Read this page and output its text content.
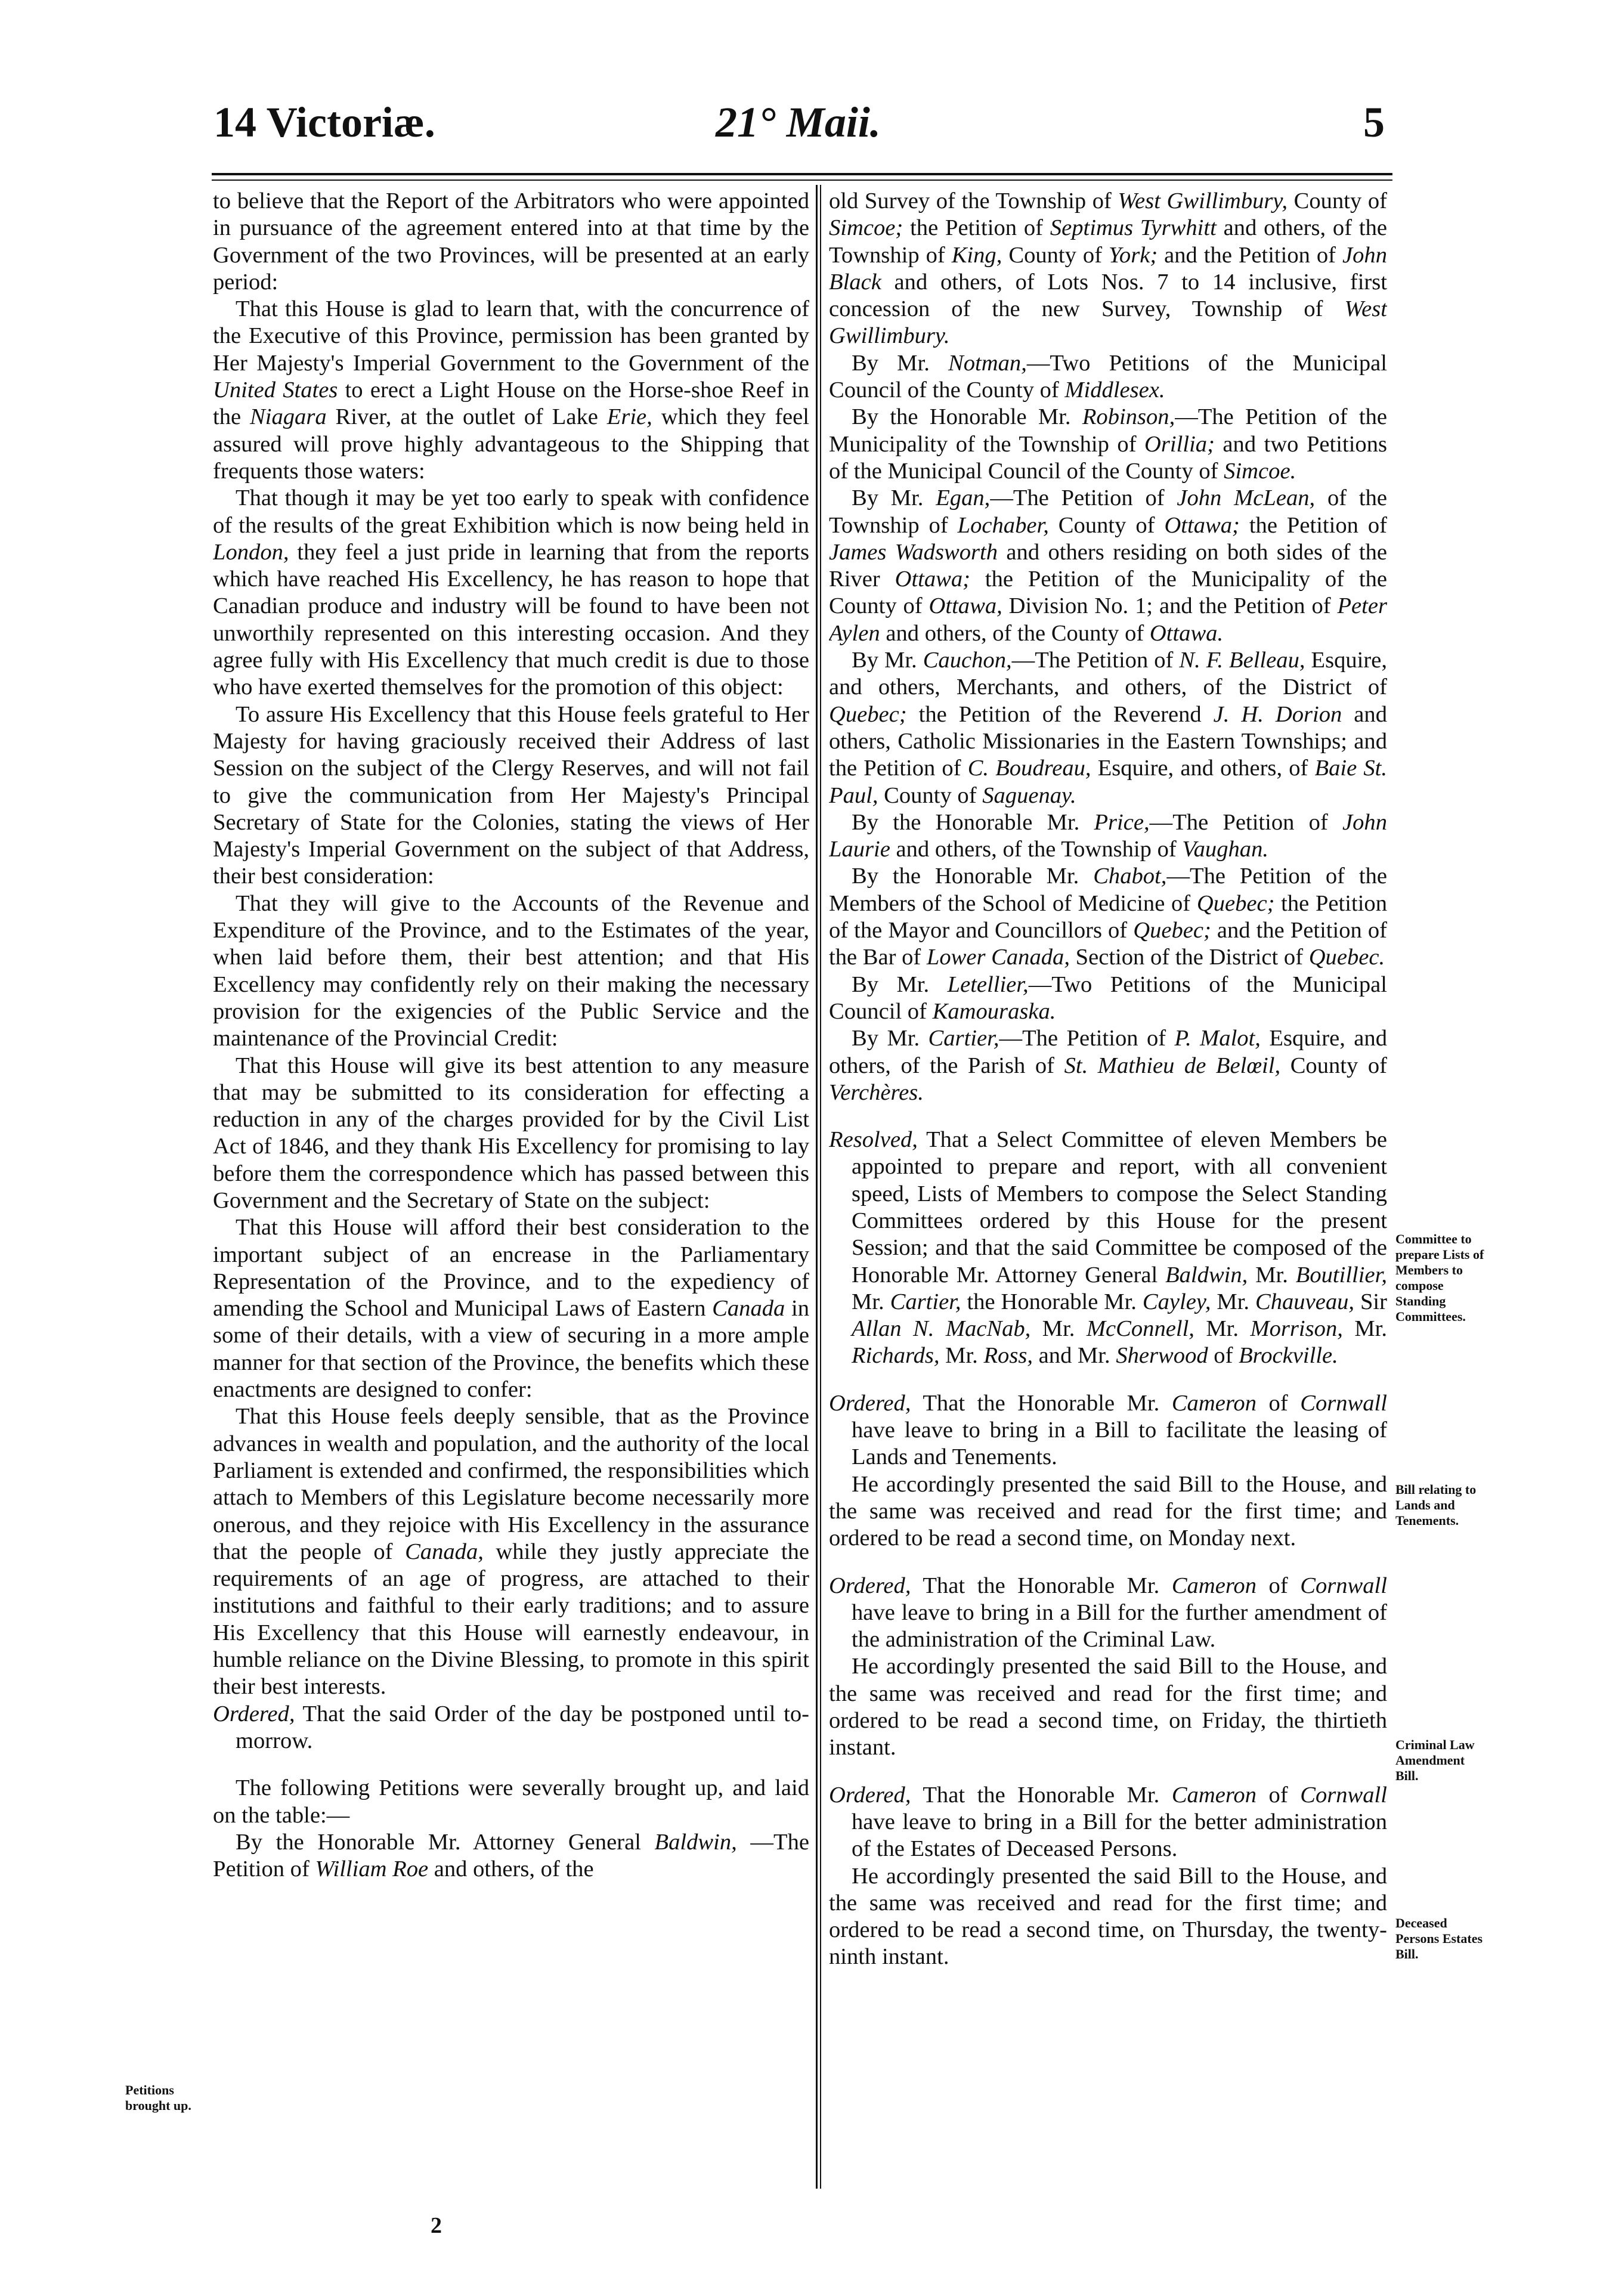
14 Victoriæ.	21° Maii.	5

to believe that the Report of the Arbitrators who were appointed in pursuance of the agreement entered into at that time by the Government of the two Provinces, will be presented at an early period:

That this House is glad to learn that, with the concurrence of the Executive of this Province, permission has been granted by Her Majesty's Imperial Government to the Government of the United States to erect a Light House on the Horse-shoe Reef in the Niagara River, at the outlet of Lake Erie, which they feel assured will prove highly advantageous to the Shipping that frequents those waters:

That though it may be yet too early to speak with confidence of the results of the great Exhibition which is now being held in London, they feel a just pride in learning that from the reports which have reached His Excellency, he has reason to hope that Canadian produce and industry will be found to have been not unworthily represented on this interesting occasion. And they agree fully with His Excellency that much credit is due to those who have exerted themselves for the promotion of this object:

To assure His Excellency that this House feels grateful to Her Majesty for having graciously received their Address of last Session on the subject of the Clergy Reserves, and will not fail to give the communication from Her Majesty's Principal Secretary of State for the Colonies, stating the views of Her Majesty's Imperial Government on the subject of that Address, their best consideration:

That they will give to the Accounts of the Revenue and Expenditure of the Province, and to the Estimates of the year, when laid before them, their best attention; and that His Excellency may confidently rely on their making the necessary provision for the exigencies of the Public Service and the maintenance of the Provincial Credit:

That this House will give its best attention to any measure that may be submitted to its consideration for effecting a reduction in any of the charges provided for by the Civil List Act of 1846, and they thank His Excellency for promising to lay before them the correspondence which has passed between this Government and the Secretary of State on the subject:

That this House will afford their best consideration to the important subject of an encrease in the Parliamentary Representation of the Province, and to the expediency of amending the School and Municipal Laws of Eastern Canada in some of their details, with a view of securing in a more ample manner for that section of the Province, the benefits which these enactments are designed to confer:

That this House feels deeply sensible, that as the Province advances in wealth and population, and the authority of the local Parliament is extended and confirmed, the responsibilities which attach to Members of this Legislature become necessarily more onerous, and they rejoice with His Excellency in the assurance that the people of Canada, while they justly appreciate the requirements of an age of progress, are attached to their institutions and faithful to their early traditions; and to assure His Excellency that this House will earnestly endeavour, in humble reliance on the Divine Blessing, to promote in this spirit their best interests.

Ordered, That the said Order of the day be postponed until to-morrow.

The following Petitions were severally brought up, and laid on the table:—

By the Honorable Mr. Attorney General Baldwin, —The Petition of William Roe and others, of the

old Survey of the Township of West Gwillimbury, County of Simcoe; the Petition of Septimus Tyrwhitt and others, of the Township of King, County of York; and the Petition of John Black and others, of Lots Nos. 7 to 14 inclusive, first concession of the new Survey, Township of West Gwillimbury.

By Mr. Notman,—Two Petitions of the Municipal Council of the County of Middlesex.

By the Honorable Mr. Robinson,—The Petition of the Municipality of the Township of Orillia; and two Petitions of the Municipal Council of the County of Simcoe.

By Mr. Egan,—The Petition of John McLean, of the Township of Lochaber, County of Ottawa; the Petition of James Wadsworth and others residing on both sides of the River Ottawa; the Petition of the Municipality of the County of Ottawa, Division No. 1; and the Petition of Peter Aylen and others, of the County of Ottawa.

By Mr. Cauchon,—The Petition of N. F. Belleau, Esquire, and others, Merchants, and others, of the District of Quebec; the Petition of the Reverend J. H. Dorion and others, Catholic Missionaries in the Eastern Townships; and the Petition of C. Boudreau, Esquire, and others, of Baie St. Paul, County of Saguenay.

By the Honorable Mr. Price,—The Petition of John Laurie and others, of the Township of Vaughan.

By the Honorable Mr. Chabot,—The Petition of the Members of the School of Medicine of Quebec; the Petition of the Mayor and Councillors of Quebec; and the Petition of the Bar of Lower Canada, Section of the District of Quebec.

By Mr. Letellier,—Two Petitions of the Municipal Council of Kamouraska.

By Mr. Cartier,—The Petition of P. Malot, Esquire, and others, of the Parish of St. Mathieu de Belœil, County of Verchères.

Resolved, That a Select Committee of eleven Members be appointed to prepare and report, with all convenient speed, Lists of Members to compose the Select Standing Committees ordered by this House for the present Session; and that the said Committee be composed of the Honorable Mr. Attorney General Baldwin, Mr. Boutillier, Mr. Cartier, the Honorable Mr. Cayley, Mr. Chauveau, Sir Allan N. MacNab, Mr. McConnell, Mr. Morrison, Mr. Richards, Mr. Ross, and Mr. Sherwood of Brockville.

Ordered, That the Honorable Mr. Cameron of Cornwall have leave to bring in a Bill to facilitate the leasing of Lands and Tenements.

He accordingly presented the said Bill to the House, and the same was received and read for the first time; and ordered to be read a second time, on Monday next.

Ordered, That the Honorable Mr. Cameron of Cornwall have leave to bring in a Bill for the further amendment of the administration of the Criminal Law.

He accordingly presented the said Bill to the House, and the same was received and read for the first time; and ordered to be read a second time, on Friday, the thirtieth instant.

Ordered, That the Honorable Mr. Cameron of Cornwall have leave to bring in a Bill for the better administration of the Estates of Deceased Persons.

He accordingly presented the said Bill to the House, and the same was received and read for the first time; and ordered to be read a second time, on Thursday, the twenty-ninth instant.

Petitions brought up.
Committee to prepare Lists of Members to compose Standing Committees.
Bill relating to Lands and Tenements.
Criminal Law Amendment Bill.
Deceased Persons Estates Bill.
2
